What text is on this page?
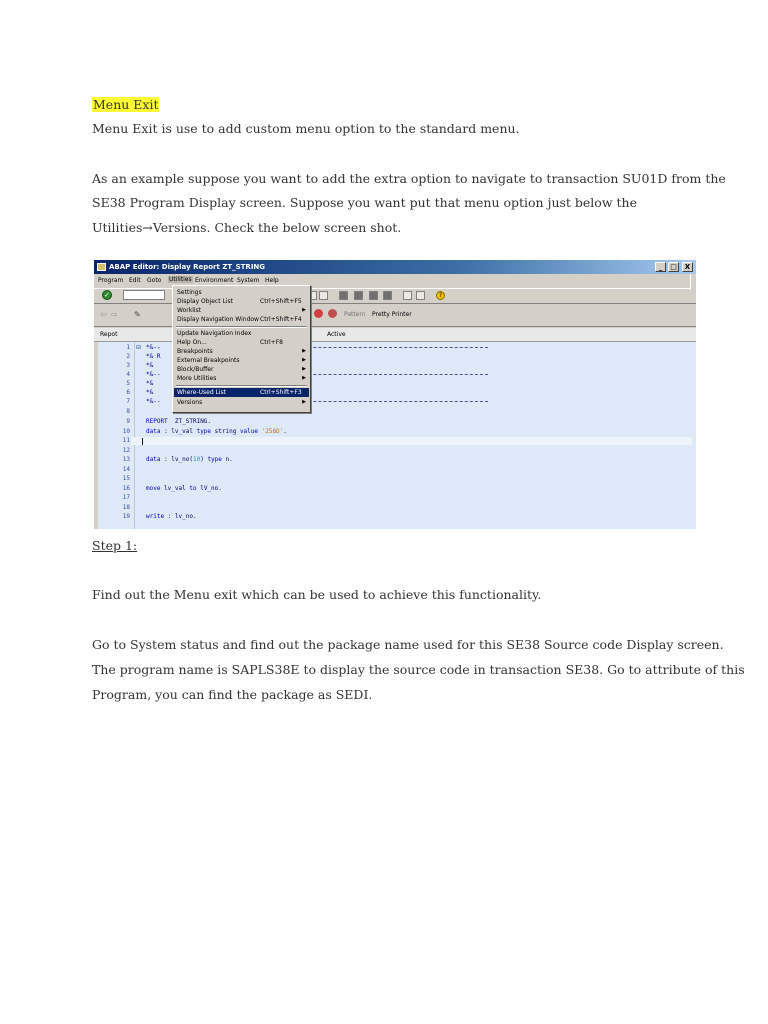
Menu Exit
Menu Exit is use to add custom menu option to the standard menu.
As an example suppose you want to add the extra option to navigate to transaction SU01D from the
SE38 Program Display screen. Suppose you want put that menu option just below the
Utilities→Versions. Check the below screen shot.
ABAP Editor: Display Report ZT_STRING	_	□	X
Program Edit Goto Utilities Environment System Help
✓	?
⇦ ⇨ ✎	Pattern Pretty Printer
Repot	Active
1
2
3
4
5
6
7
8
9
10
11
12
13
14
15
16
17
18
19
⊟ *&--
*& R
*&
*&--
*&
*&
*&--
REPORT  ZT_STRING.
data : lv_val type string value '256D'.
data : lv_no(10) type n.
move lv_val to lV_no.
write : lv_no.
Settings
Display Object List	Ctrl+Shift+F5
Worklist	▶
Display Navigation Window Ctrl+Shift+F4
Update Navigation Index
Help On...	Ctrl+F8
Breakpoints	▶
External Breakpoints	▶
Block/Buffer	▶
More Utilities	▶
Where-Used List	Ctrl+Shift+F3
Versions	▶
Step 1:
Find out the Menu exit which can be used to achieve this functionality.
Go to System status and find out the package name used for this SE38 Source code Display screen.
The program name is SAPLS38E to display the source code in transaction SE38. Go to attribute of this
Program, you can find the package as SEDI.
